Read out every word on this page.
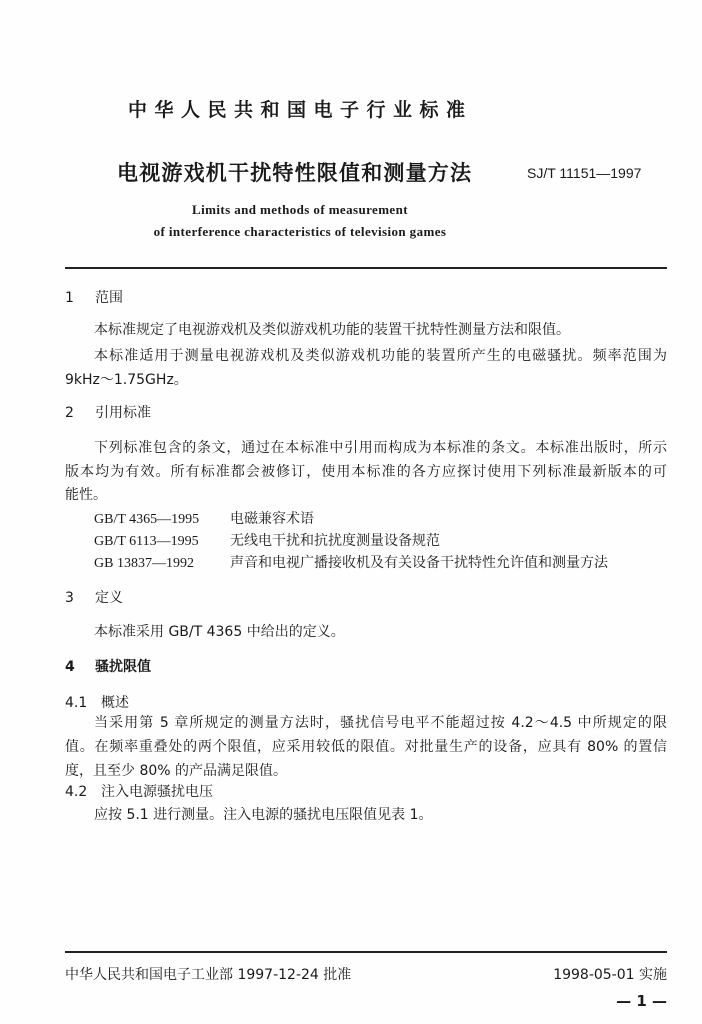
中华人民共和国电子行业标准
电视游戏机干扰特性限值和测量方法	SJ/T 11151—1997
Limits and methods of measurement
of interference characteristics of television games
1 范围
本标准规定了电视游戏机及类似游戏机功能的装置干扰特性测量方法和限值。
本标准适用于测量电视游戏机及类似游戏机功能的装置所产生的电磁骚扰。频率范围为
9kHz～1.75GHz。
2 引用标准
下列标准包含的条文，通过在本标准中引用而构成为本标准的条文。本标准出版时，所示
版本均为有效。所有标准都会被修订，使用本标准的各方应探讨使用下列标准最新版本的可
能性。
GB/T 4365—1995 电磁兼容术语
GB/T 6113—1995 无线电干扰和抗扰度测量设备规范
GB 13837—1992	声音和电视广播接收机及有关设备干扰特性允许值和测量方法
3 定义
本标准采用 GB/T 4365 中给出的定义。
4 骚扰限值
4.1 概述
当采用第 5 章所规定的测量方法时，骚扰信号电平不能超过按 4.2～4.5 中所规定的限
值。在频率重叠处的两个限值，应采用较低的限值。对批量生产的设备，应具有 80% 的置信
度，且至少 80% 的产品满足限值。
4.2 注入电源骚扰电压
应按 5.1 进行测量。注入电源的骚扰电压限值见表 1。
中华人民共和国电子工业部 1997-12-24 批准	1998-05-01 实施
— 1 —
